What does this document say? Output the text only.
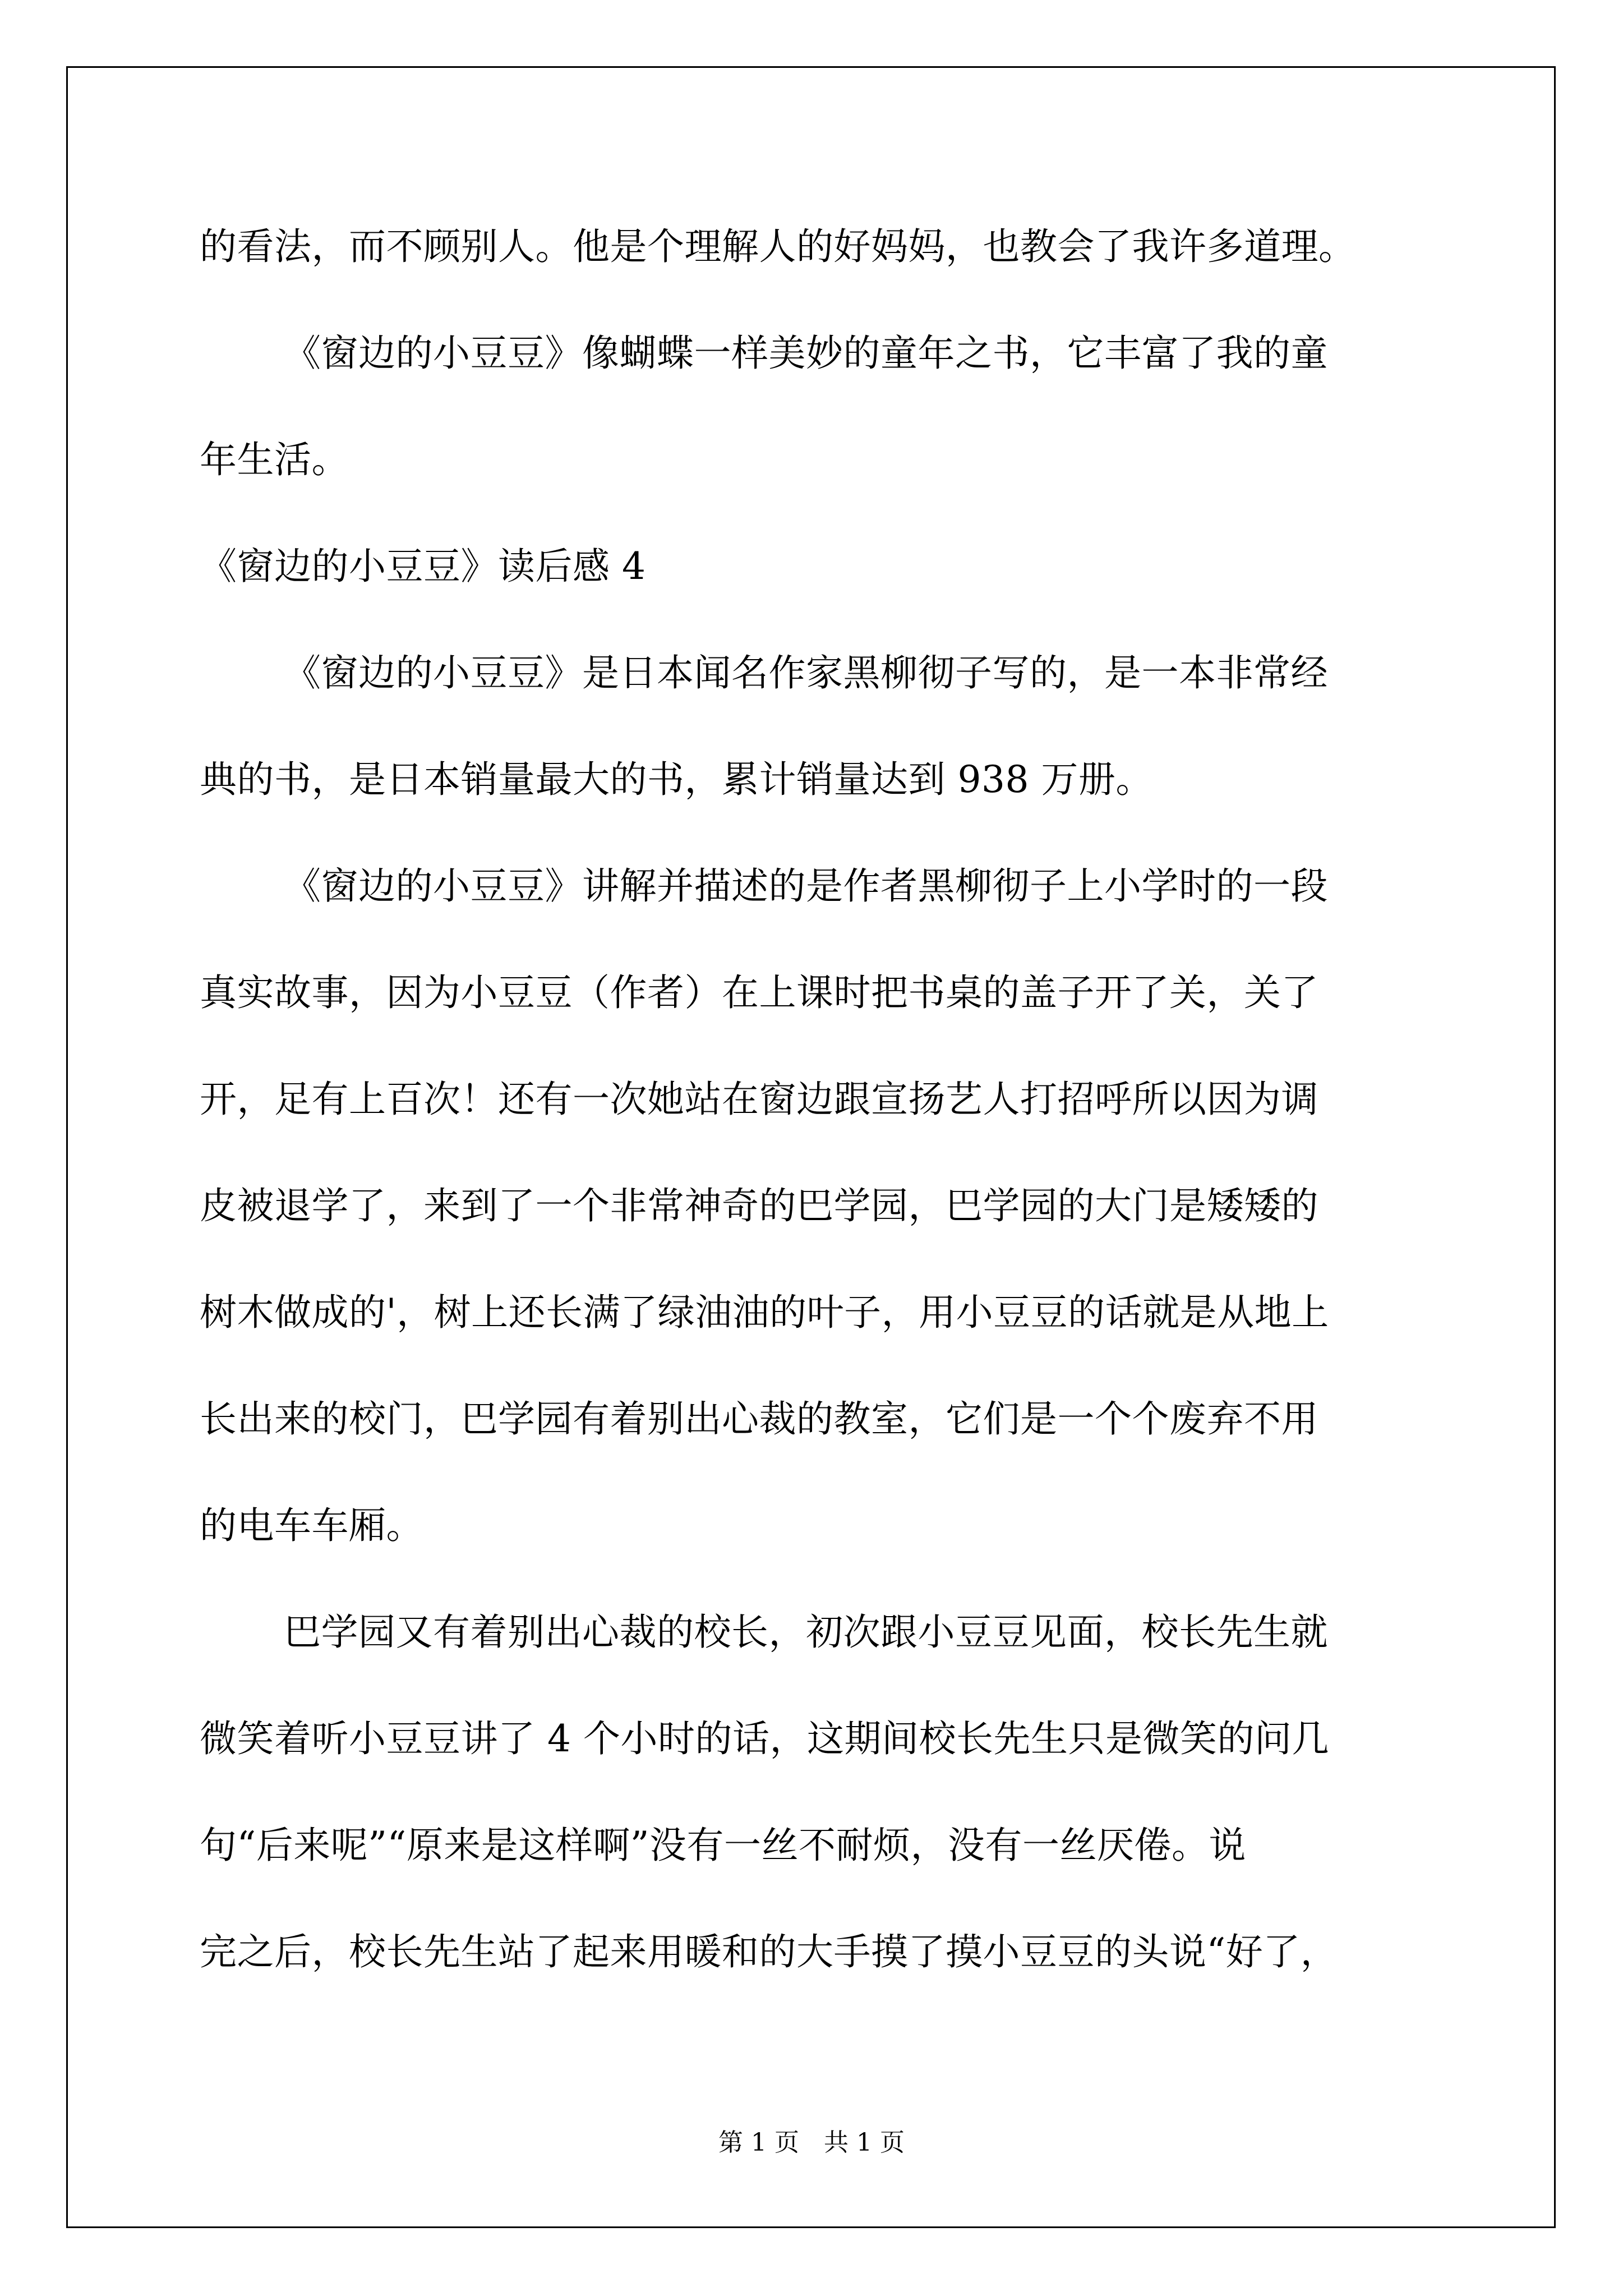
的看法，而不顾别人。他是个理解人的好妈妈，也教会了我许多道理。
《窗边的小豆豆》像蝴蝶一样美妙的童年之书，它丰富了我的童
年生活。
《窗边的小豆豆》读后感 4
《窗边的小豆豆》是日本闻名作家黑柳彻子写的，是一本非常经
典的书，是日本销量最大的书，累计销量达到 938 万册。
《窗边的小豆豆》讲解并描述的是作者黑柳彻子上小学时的一段
真实故事，因为小豆豆（作者）在上课时把书桌的盖子开了关，关了
开，足有上百次！还有一次她站在窗边跟宣扬艺人打招呼所以因为调
皮被退学了，来到了一个非常神奇的巴学园，巴学园的大门是矮矮的
树木做成的'，树上还长满了绿油油的叶子，用小豆豆的话就是从地上
长出来的校门，巴学园有着别出心裁的教室，它们是一个个废弃不用
的电车车厢。
巴学园又有着别出心裁的校长，初次跟小豆豆见面，校长先生就
微笑着听小豆豆讲了 4 个小时的话，这期间校长先生只是微笑的问几
句“后来呢”“原来是这样啊”没有一丝不耐烦，没有一丝厌倦。说
完之后，校长先生站了起来用暖和的大手摸了摸小豆豆的头说“好了，
第 1 页　共 1 页
